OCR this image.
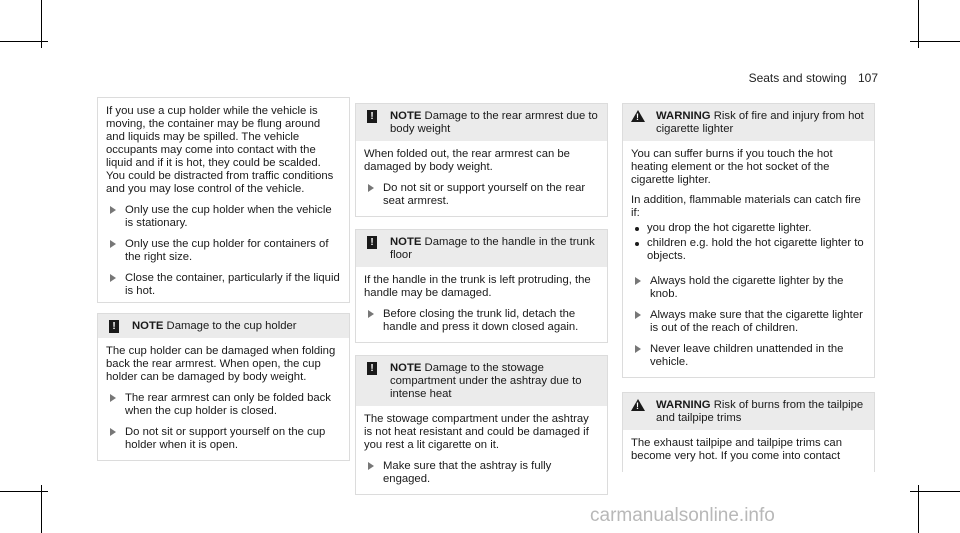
Seats and stowing 107

If you use a cup holder while the vehicle is moving, the container may be flung around and liquids may be spilled. The vehicle occupants may come into contact with the liquid and if it is hot, they could be scalded. You could be distracted from traffic conditions and you may lose control of the vehicle.

Only use the cup holder when the vehicle is stationary.
Only use the cup holder for containers of the right size.
Close the container, particularly if the liquid is hot.
! NOTE Damage to the cup holder

The cup holder can be damaged when folding back the rear armrest. When open, the cup holder can be damaged by body weight.

The rear armrest can only be folded back when the cup holder is closed.
Do not sit or support yourself on the cup holder when it is open.
! NOTE Damage to the rear armrest due to body weight

When folded out, the rear armrest can be damaged by body weight.

Do not sit or support yourself on the rear seat armrest.
! NOTE Damage to the handle in the trunk floor

If the handle in the trunk is left protruding, the handle may be damaged.

Before closing the trunk lid, detach the handle and press it down closed again.
! NOTE Damage to the stowage compartment under the ashtray due to intense heat

The stowage compartment under the ashtray is not heat resistant and could be damaged if you rest a lit cigarette on it.

Make sure that the ashtray is fully engaged.
! WARNING Risk of fire and injury from hot cigarette lighter

You can suffer burns if you touch the hot heating element or the hot socket of the cigarette lighter.

In addition, flammable materials can catch fire if:

you drop the hot cigarette lighter.
children e.g. hold the hot cigarette lighter to objects.
Always hold the cigarette lighter by the knob.
Always make sure that the cigarette lighter is out of the reach of children.
Never leave children unattended in the vehicle.
! WARNING Risk of burns from the tailpipe and tailpipe trims

The exhaust tailpipe and tailpipe trims can become very hot. If you come into contact

carmanualsonline.info
